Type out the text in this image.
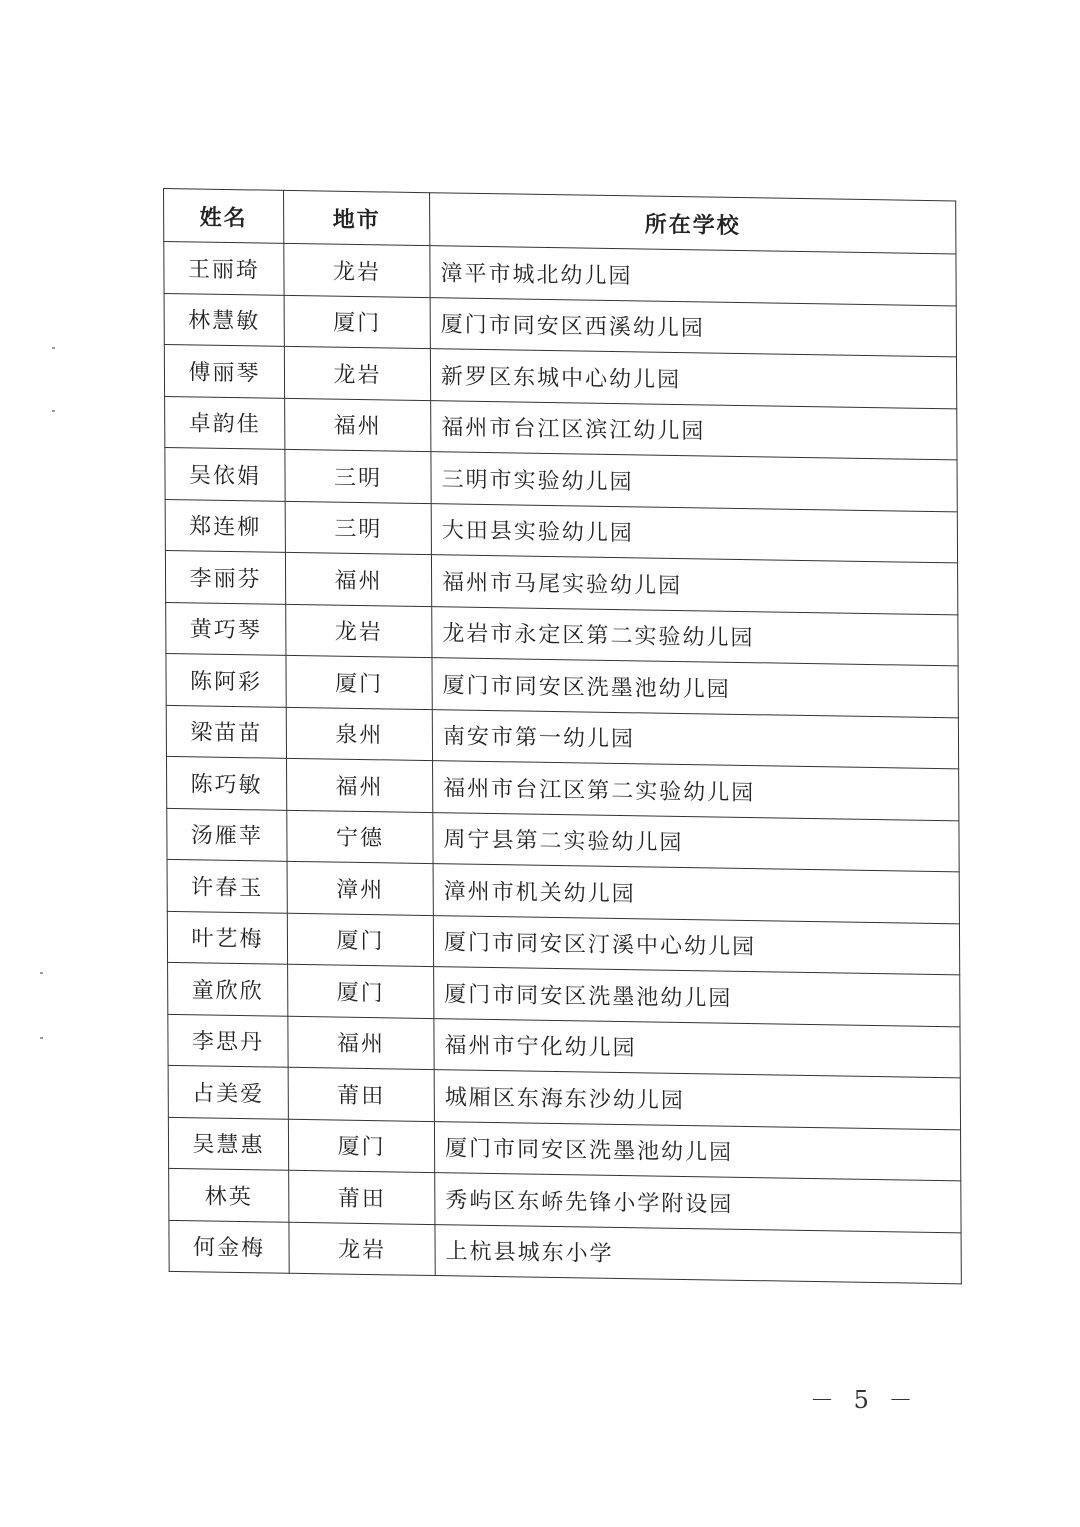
姓名	地市	所在学校
王丽琦	龙岩	漳平市城北幼儿园
林慧敏	厦门	厦门市同安区西溪幼儿园
傅丽琴	龙岩	新罗区东城中心幼儿园
卓韵佳	福州	福州市台江区滨江幼儿园
吴依娟	三明	三明市实验幼儿园
郑连柳	三明	大田县实验幼儿园
李丽芬	福州	福州市马尾实验幼儿园
黄巧琴	龙岩	龙岩市永定区第二实验幼儿园
陈阿彩	厦门	厦门市同安区洗墨池幼儿园
梁苗苗	泉州	南安市第一幼儿园
陈巧敏	福州	福州市台江区第二实验幼儿园
汤雁苹	宁德	周宁县第二实验幼儿园
许春玉	漳州	漳州市机关幼儿园
叶艺梅	厦门	厦门市同安区汀溪中心幼儿园
童欣欣	厦门	厦门市同安区洗墨池幼儿园
李思丹	福州	福州市宁化幼儿园
占美爱	莆田	城厢区东海东沙幼儿园
吴慧惠	厦门	厦门市同安区洗墨池幼儿园
林英	莆田	秀屿区东峤先锋小学附设园
何金梅	龙岩	上杭县城东小学
－ 5 －
